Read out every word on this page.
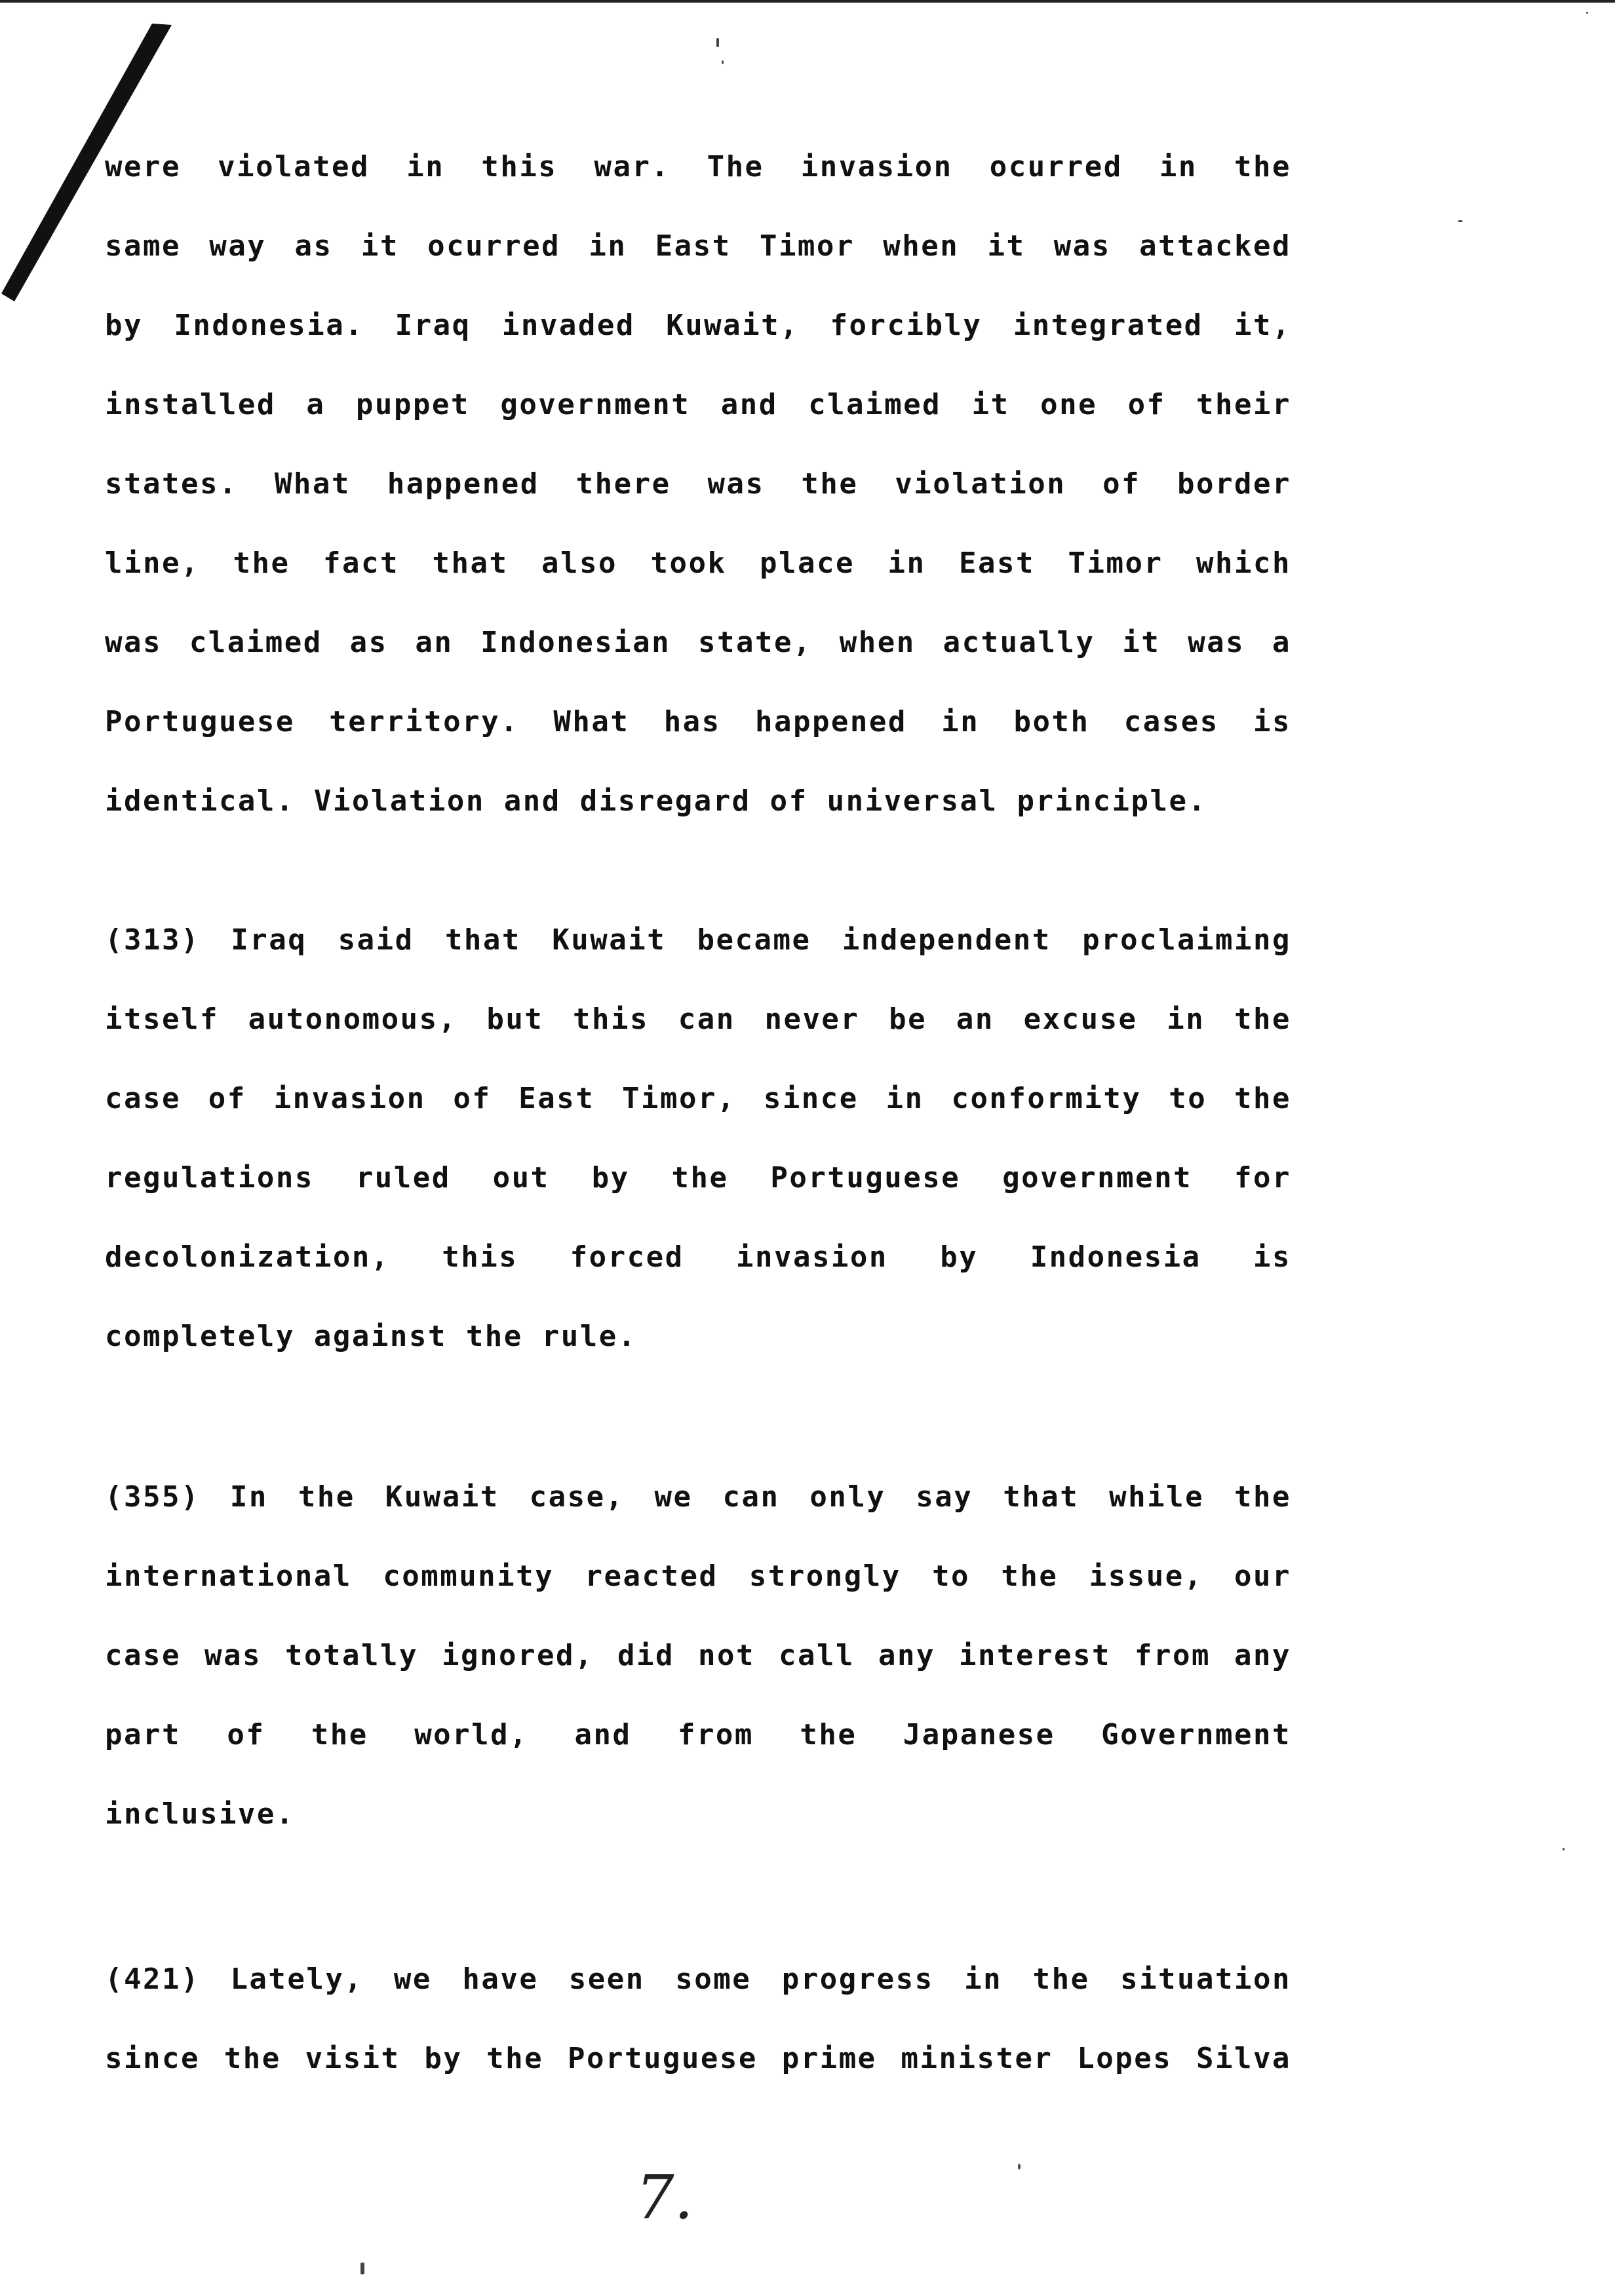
were violated in this war. The invasion ocurred in the
same way as it ocurred in East Timor when it was attacked
by Indonesia. Iraq invaded Kuwait, forcibly integrated it,
installed a puppet government and claimed it one of their
states. What happened there was the violation of border
line, the fact that also took place in East Timor which
was claimed as an Indonesian state, when actually it was a
Portuguese territory. What has happened in both cases is
identical. Violation and disregard of universal principle.
(313) Iraq said that Kuwait became independent proclaiming
itself autonomous, but this can never be an excuse in the
case of invasion of East Timor, since in conformity to the
regulations ruled out by the Portuguese government for
decolonization, this forced invasion by Indonesia is
completely against the rule.
(355) In the Kuwait case, we can only say that while the
international community reacted strongly to the issue, our
case was totally ignored, did not call any interest from any
part of the world, and from the Japanese Government
inclusive.
(421) Lately, we have seen some progress in the situation
since the visit by the Portuguese prime minister Lopes Silva
7.
